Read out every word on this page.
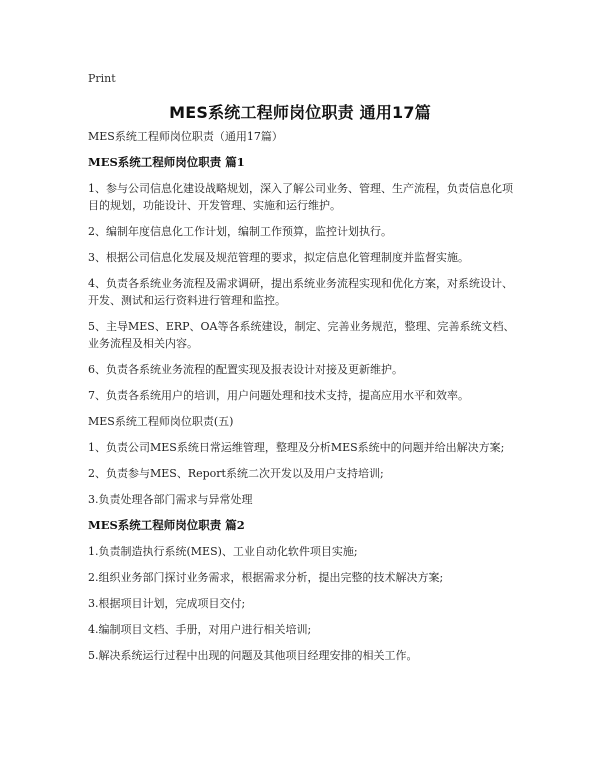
Print
MES系统工程师岗位职责 通用17篇

MES系统工程师岗位职责（通用17篇）

MES系统工程师岗位职责 篇1

1、参与公司信息化建设战略规划，深入了解公司业务、管理、生产流程，负责信息化项目的规划，功能设计、开发管理、实施和运行维护。

2、编制年度信息化工作计划，编制工作预算，监控计划执行。

3、根据公司信息化发展及规范管理的要求，拟定信息化管理制度并监督实施。

4、负责各系统业务流程及需求调研，提出系统业务流程实现和优化方案，对系统设计、开发、测试和运行资料进行管理和监控。

5、主导MES、ERP、OA等各系统建设，制定、完善业务规范，整理、完善系统文档、业务流程及相关内容。

6、负责各系统业务流程的配置实现及报表设计对接及更新维护。

7、负责各系统用户的培训，用户问题处理和技术支持，提高应用水平和效率。

MES系统工程师岗位职责(五)

1、负责公司MES系统日常运维管理，整理及分析MES系统中的问题并给出解决方案;

2、负责参与MES、Report系统二次开发以及用户支持培训;

3.负责处理各部门需求与异常处理

MES系统工程师岗位职责 篇2

1.负责制造执行系统(MES)、工业自动化软件项目实施;

2.组织业务部门探讨业务需求，根据需求分析，提出完整的技术解决方案;

3.根据项目计划，完成项目交付;

4.编制项目文档、手册，对用户进行相关培训;

5.解决系统运行过程中出现的问题及其他项目经理安排的相关工作。
